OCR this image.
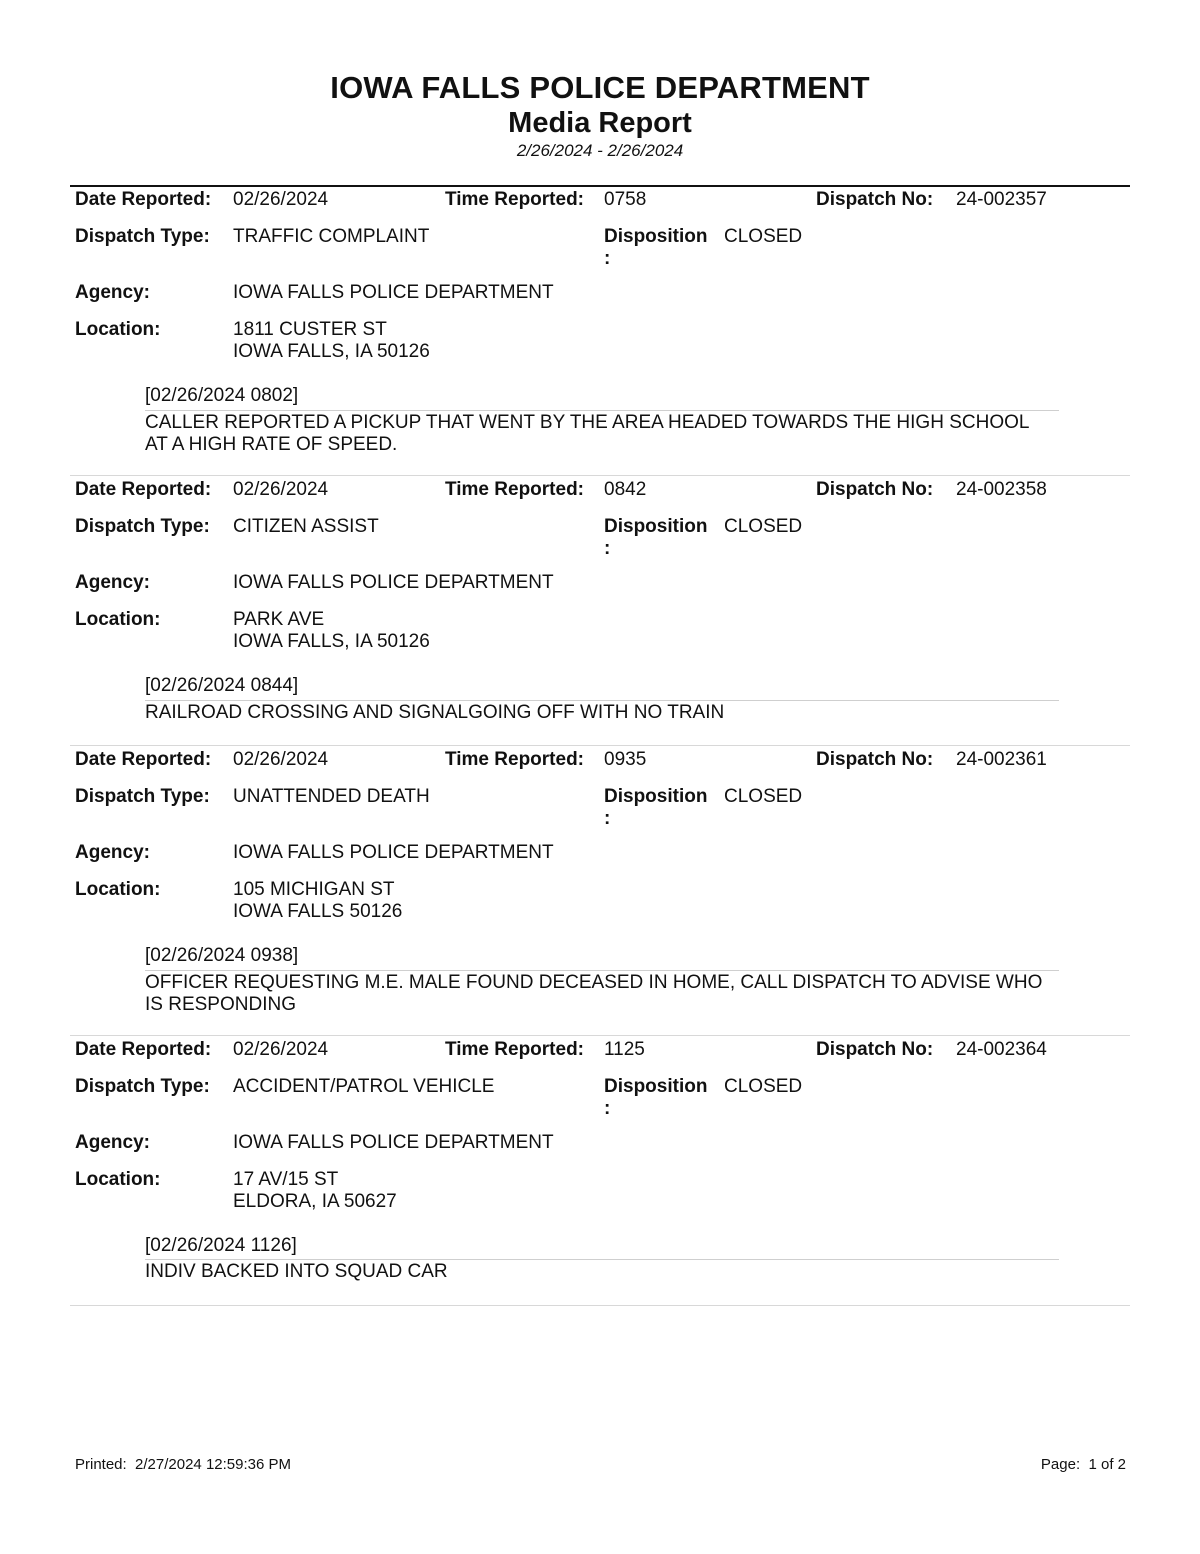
IOWA FALLS POLICE DEPARTMENT
Media Report
2/26/2024 - 2/26/2024
Date Reported: 02/26/2024	Time Reported: 0758	Dispatch No: 24-002357
Dispatch Type: TRAFFIC COMPLAINT	Disposition
:
CLOSED
Agency:	IOWA FALLS POLICE DEPARTMENT
Location:	1811 CUSTER ST
IOWA FALLS, IA 50126
[02/26/2024 0802]
CALLER REPORTED A PICKUP THAT WENT BY THE AREA HEADED TOWARDS THE HIGH SCHOOL AT A HIGH RATE OF SPEED.
Date Reported: 02/26/2024	Time Reported: 0842	Dispatch No: 24-002358
Dispatch Type: CITIZEN ASSIST	Disposition
:
CLOSED
Agency:	IOWA FALLS POLICE DEPARTMENT
Location:	PARK AVE
IOWA FALLS, IA 50126
[02/26/2024 0844]
RAILROAD CROSSING AND SIGNALGOING OFF WITH NO TRAIN
Date Reported: 02/26/2024	Time Reported: 0935	Dispatch No: 24-002361
Dispatch Type: UNATTENDED DEATH	Disposition
:
CLOSED
Agency:	IOWA FALLS POLICE DEPARTMENT
Location:	105 MICHIGAN ST
IOWA FALLS 50126
[02/26/2024 0938]
OFFICER REQUESTING M.E. MALE FOUND DECEASED IN HOME, CALL DISPATCH TO ADVISE WHO IS RESPONDING
Date Reported: 02/26/2024	Time Reported: 1125	Dispatch No: 24-002364
Dispatch Type: ACCIDENT/PATROL VEHICLE	Disposition
:
CLOSED
Agency:	IOWA FALLS POLICE DEPARTMENT
Location:	17 AV/15 ST
ELDORA, IA 50627
[02/26/2024 1126]
INDIV BACKED INTO SQUAD CAR
Printed: 2/27/2024 12:59:36 PM	Page: 1 of 2
